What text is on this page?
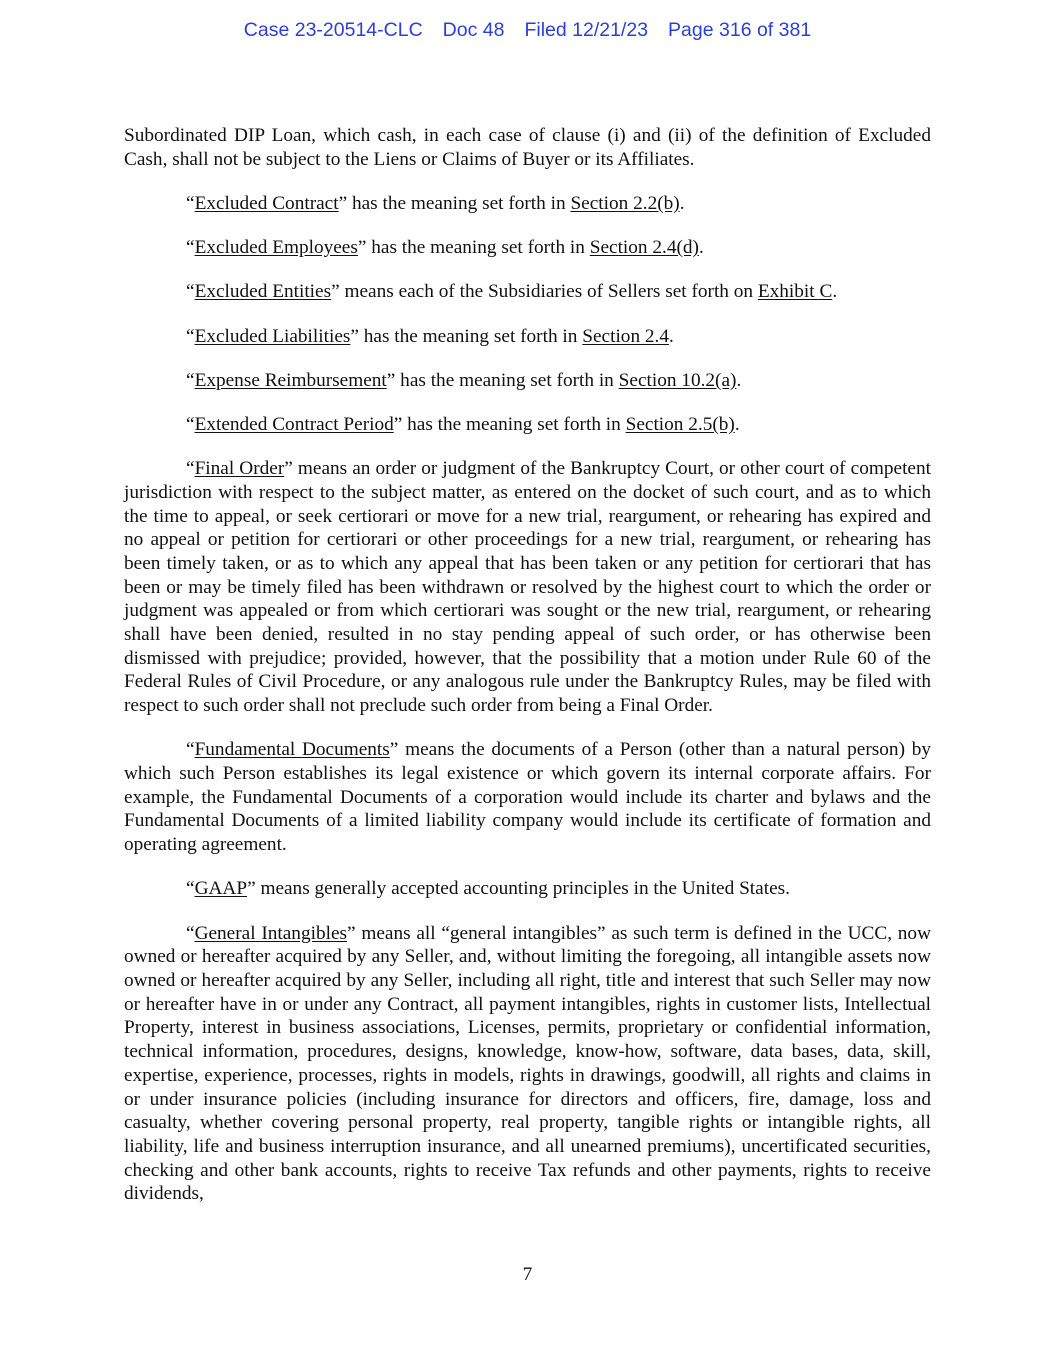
Case 23-20514-CLC Doc 48 Filed 12/21/23 Page 316 of 381

Subordinated DIP Loan, which cash, in each case of clause (i) and (ii) of the definition of Excluded Cash, shall not be subject to the Liens or Claims of Buyer or its Affiliates.

“Excluded Contract” has the meaning set forth in Section 2.2(b).

“Excluded Employees” has the meaning set forth in Section 2.4(d).

“Excluded Entities” means each of the Subsidiaries of Sellers set forth on Exhibit C.

“Excluded Liabilities” has the meaning set forth in Section 2.4.

“Expense Reimbursement” has the meaning set forth in Section 10.2(a).

“Extended Contract Period” has the meaning set forth in Section 2.5(b).

“Final Order” means an order or judgment of the Bankruptcy Court, or other court of competent jurisdiction with respect to the subject matter, as entered on the docket of such court, and as to which the time to appeal, or seek certiorari or move for a new trial, reargument, or rehearing has expired and no appeal or petition for certiorari or other proceedings for a new trial, reargument, or rehearing has been timely taken, or as to which any appeal that has been taken or any petition for certiorari that has been or may be timely filed has been withdrawn or resolved by the highest court to which the order or judgment was appealed or from which certiorari was sought or the new trial, reargument, or rehearing shall have been denied, resulted in no stay pending appeal of such order, or has otherwise been dismissed with prejudice; provided, however, that the possibility that a motion under Rule 60 of the Federal Rules of Civil Procedure, or any analogous rule under the Bankruptcy Rules, may be filed with respect to such order shall not preclude such order from being a Final Order.

“Fundamental Documents” means the documents of a Person (other than a natural person) by which such Person establishes its legal existence or which govern its internal corporate affairs. For example, the Fundamental Documents of a corporation would include its charter and bylaws and the Fundamental Documents of a limited liability company would include its certificate of formation and operating agreement.

“GAAP” means generally accepted accounting principles in the United States.

“General Intangibles” means all “general intangibles” as such term is defined in the UCC, now owned or hereafter acquired by any Seller, and, without limiting the foregoing, all intangible assets now owned or hereafter acquired by any Seller, including all right, title and interest that such Seller may now or hereafter have in or under any Contract, all payment intangibles, rights in customer lists, Intellectual Property, interest in business associations, Licenses, permits, proprietary or confidential information, technical information, procedures, designs, knowledge, know-how, software, data bases, data, skill, expertise, experience, processes, rights in models, rights in drawings, goodwill, all rights and claims in or under insurance policies (including insurance for directors and officers, fire, damage, loss and casualty, whether covering personal property, real property, tangible rights or intangible rights, all liability, life and business interruption insurance, and all unearned premiums), uncertificated securities, checking and other bank accounts, rights to receive Tax refunds and other payments, rights to receive dividends,

7
